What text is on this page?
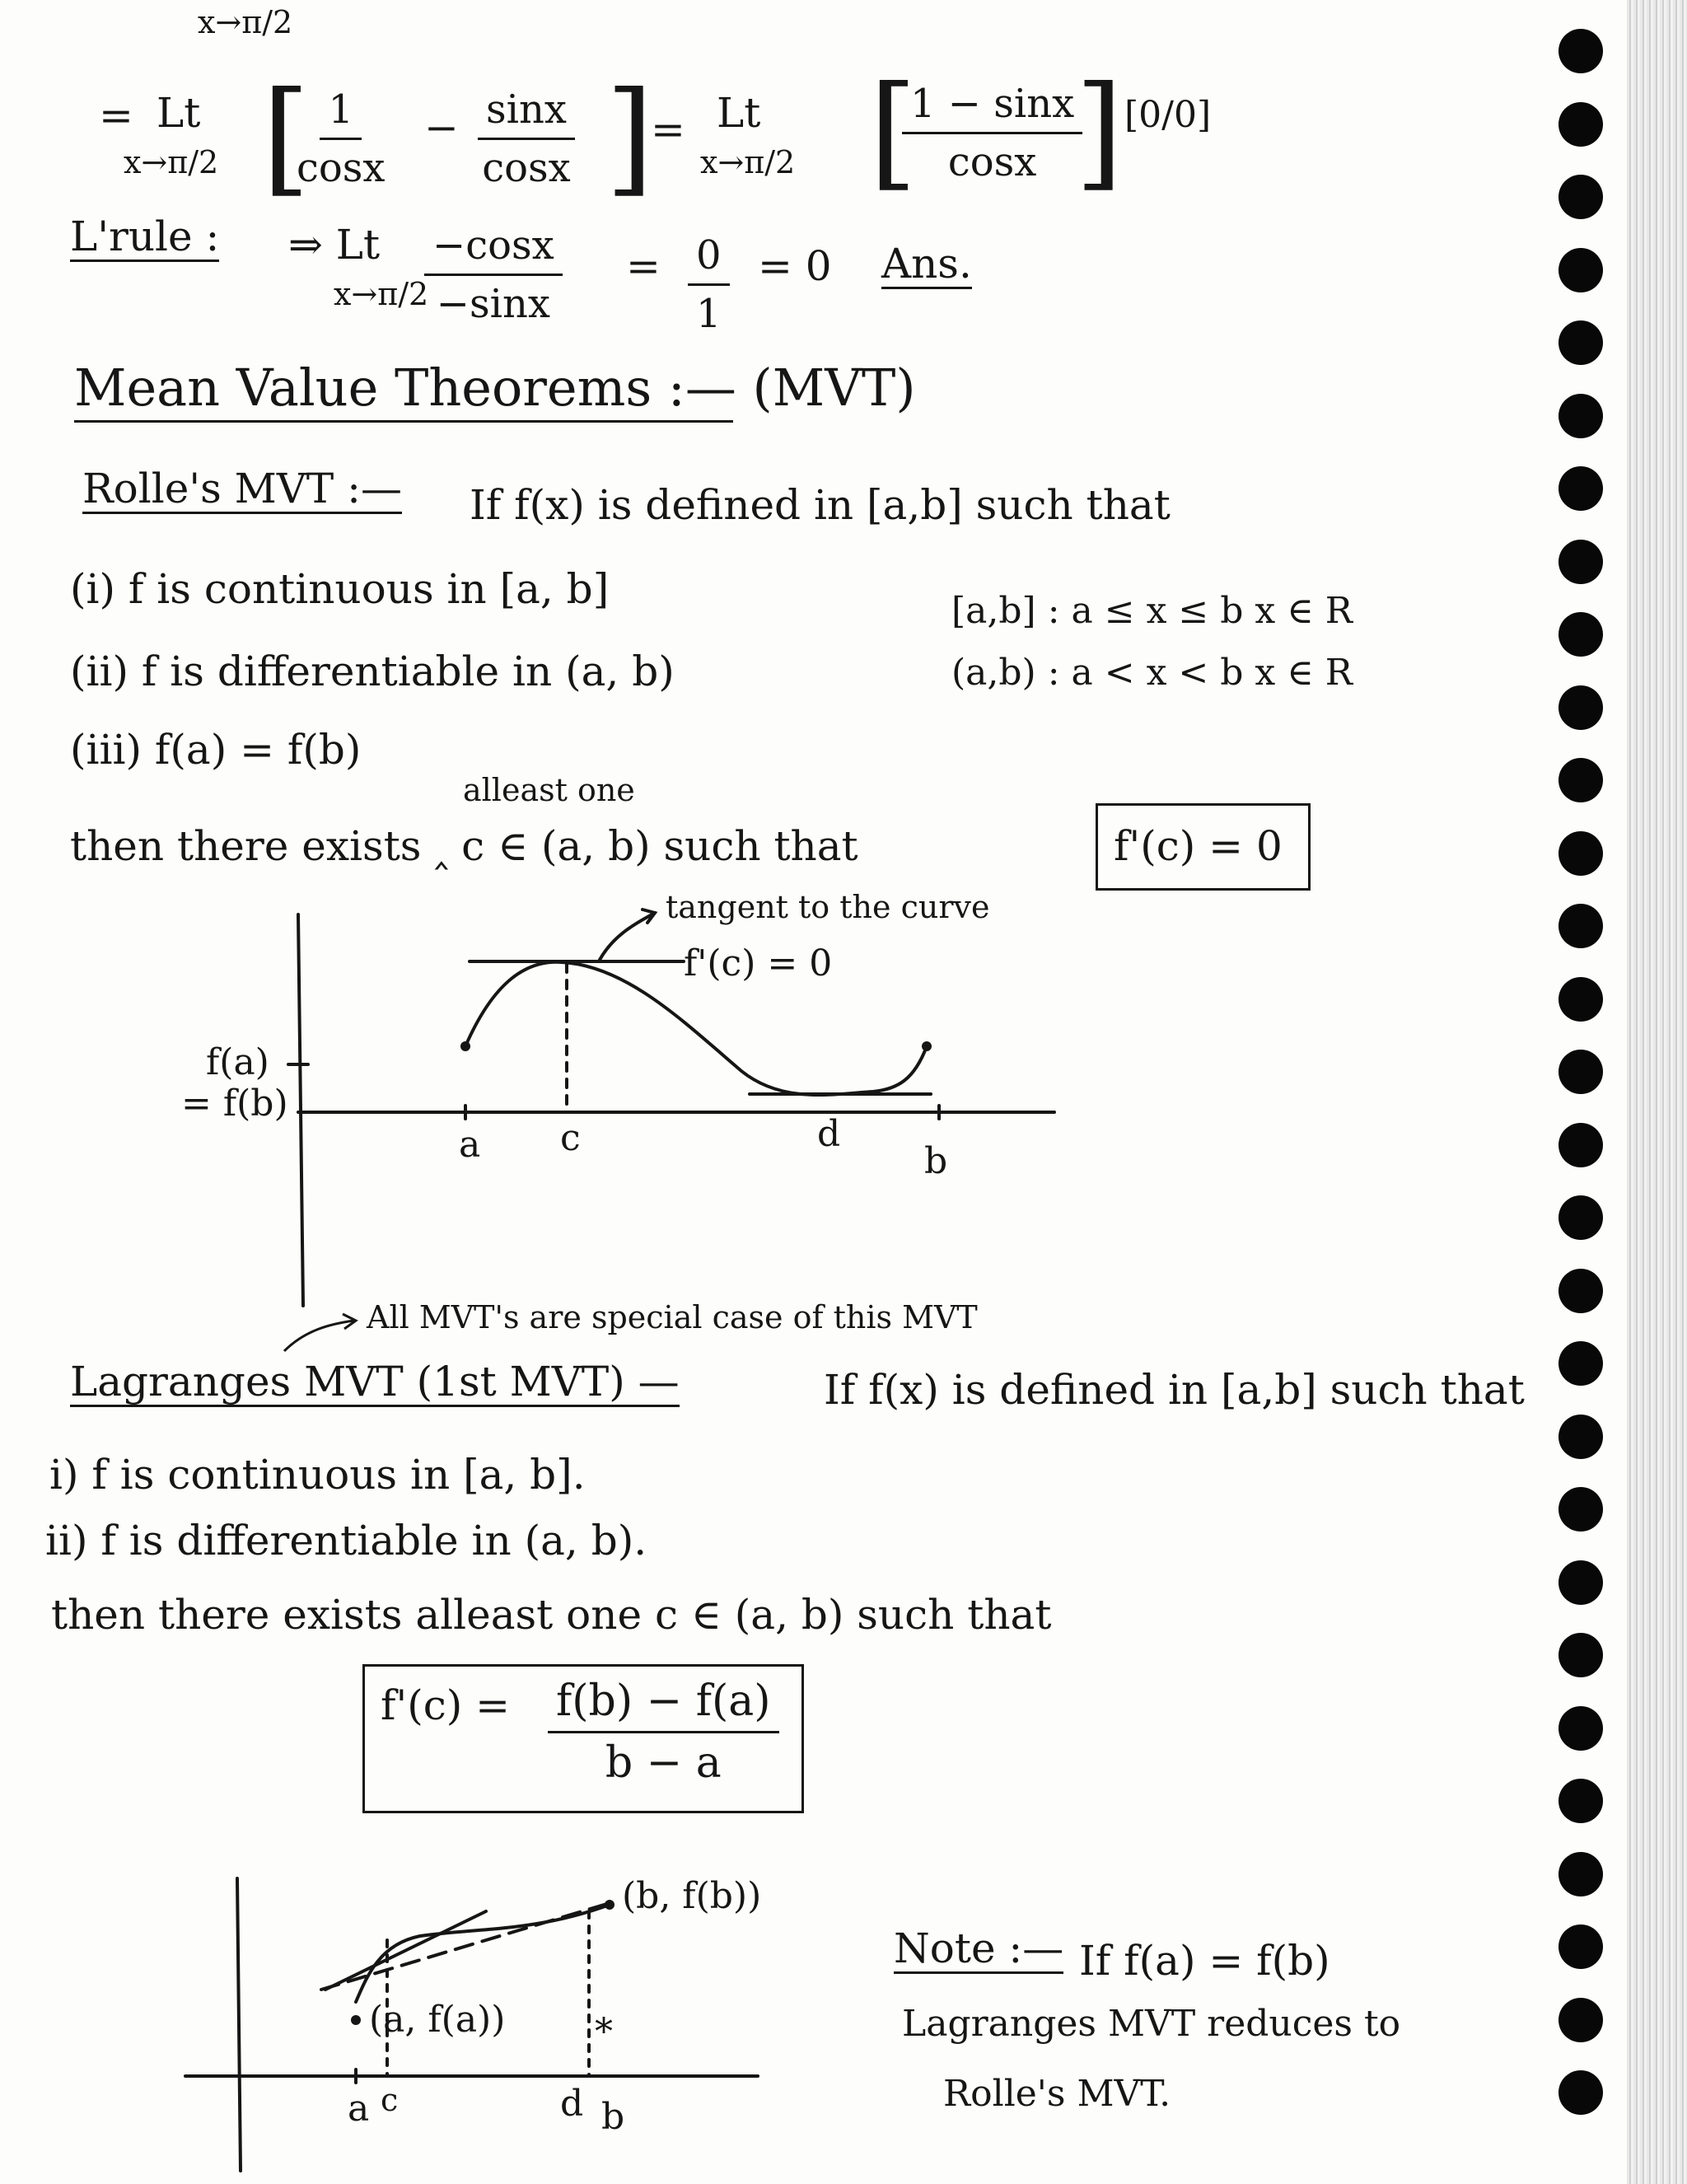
x→π/2
= Lt
x→π/2 [
$\frac{1}{\cos x} - \frac{\sin x}{\cos x}$ ]
= Lt
x→π/2 [
$\frac{1 - \sin x}{\cos x}$
] [0/0]
L'rule : ⇒ Lt
x→π/2
$\frac{-\cos x}{-\sin x} = \frac{0}{1} = 0$ Ans.
Mean Value Theorems :— (MVT)
Rolle's MVT :— If f(x) is defined in [a,b] such that
(i) f is continuous in [a, b]
(ii) f is differentiable in (a, b)
(iii) f(a) = f(b)
[a,b] : a ≤ x ≤ b x ∈ R
(a,b) : a < x < b x ∈ R
alleast one
then there exists ‸ c ∈ (a, b) such that	f'(c) = 0
tangent to the curve
f'(c) = 0
f(a)
= f(b)
a c	d
b
All MVT's are special case of this MVT
Lagranges MVT (1st MVT) —	If f(x) is defined in [a,b] such that
i) f is continuous in [a, b].
ii) f is differentiable in (a, b).
then there exists alleast one c ∈ (a, b) such that
$f'(c) = \frac{f(b) - f(a)}{b - a}$
(b, f(b))
(a, f(a)) *
a c	d b
Note :— If f(a) = f(b)
Lagranges MVT reduces to
Rolle's MVT.
